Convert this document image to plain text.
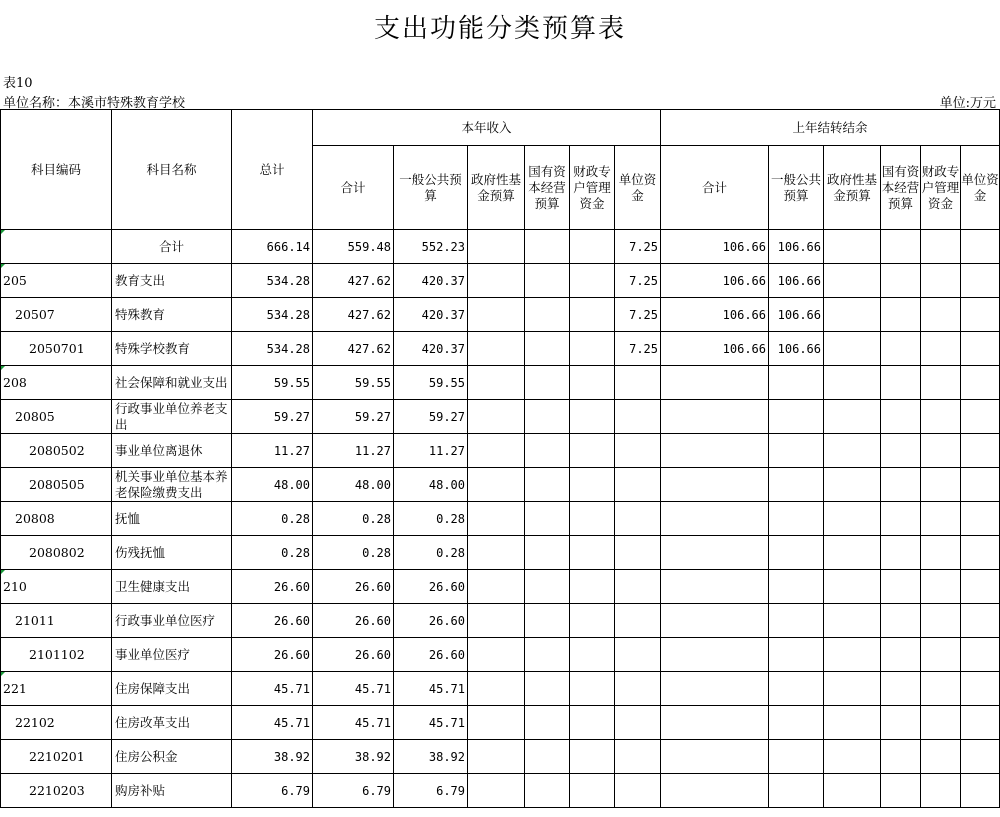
支出功能分类预算表
表10
单位名称：本溪市特殊教育学校	单位:万元
科目编码	科目名称	总计	本年收入						上年结转结余					
			合计	一般公共预算	政府性基金预算	国有资本经营预算	财政专户管理资金	单位资金	合计	一般公共预算	政府性基金预算	国有资本经营预算	财政专户管理资金	单位资金
	合计	666.14	559.48	552.23				7.25	106.66	106.66				
205	教育支出	534.28	427.62	420.37				7.25	106.66	106.66				
20507	特殊教育	534.28	427.62	420.37				7.25	106.66	106.66				
2050701	特殊学校教育	534.28	427.62	420.37				7.25	106.66	106.66				
208	社会保障和就业支出	59.55	59.55	59.55										
20805	行政事业单位养老支出	59.27	59.27	59.27										
2080502	事业单位离退休	11.27	11.27	11.27										
2080505	机关事业单位基本养老保险缴费支出	48.00	48.00	48.00										
20808	抚恤	0.28	0.28	0.28										
2080802	伤残抚恤	0.28	0.28	0.28										
210	卫生健康支出	26.60	26.60	26.60										
21011	行政事业单位医疗	26.60	26.60	26.60										
2101102	事业单位医疗	26.60	26.60	26.60										
221	住房保障支出	45.71	45.71	45.71										
22102	住房改革支出	45.71	45.71	45.71										
2210201	住房公积金	38.92	38.92	38.92										
2210203	购房补贴	6.79	6.79	6.79										
